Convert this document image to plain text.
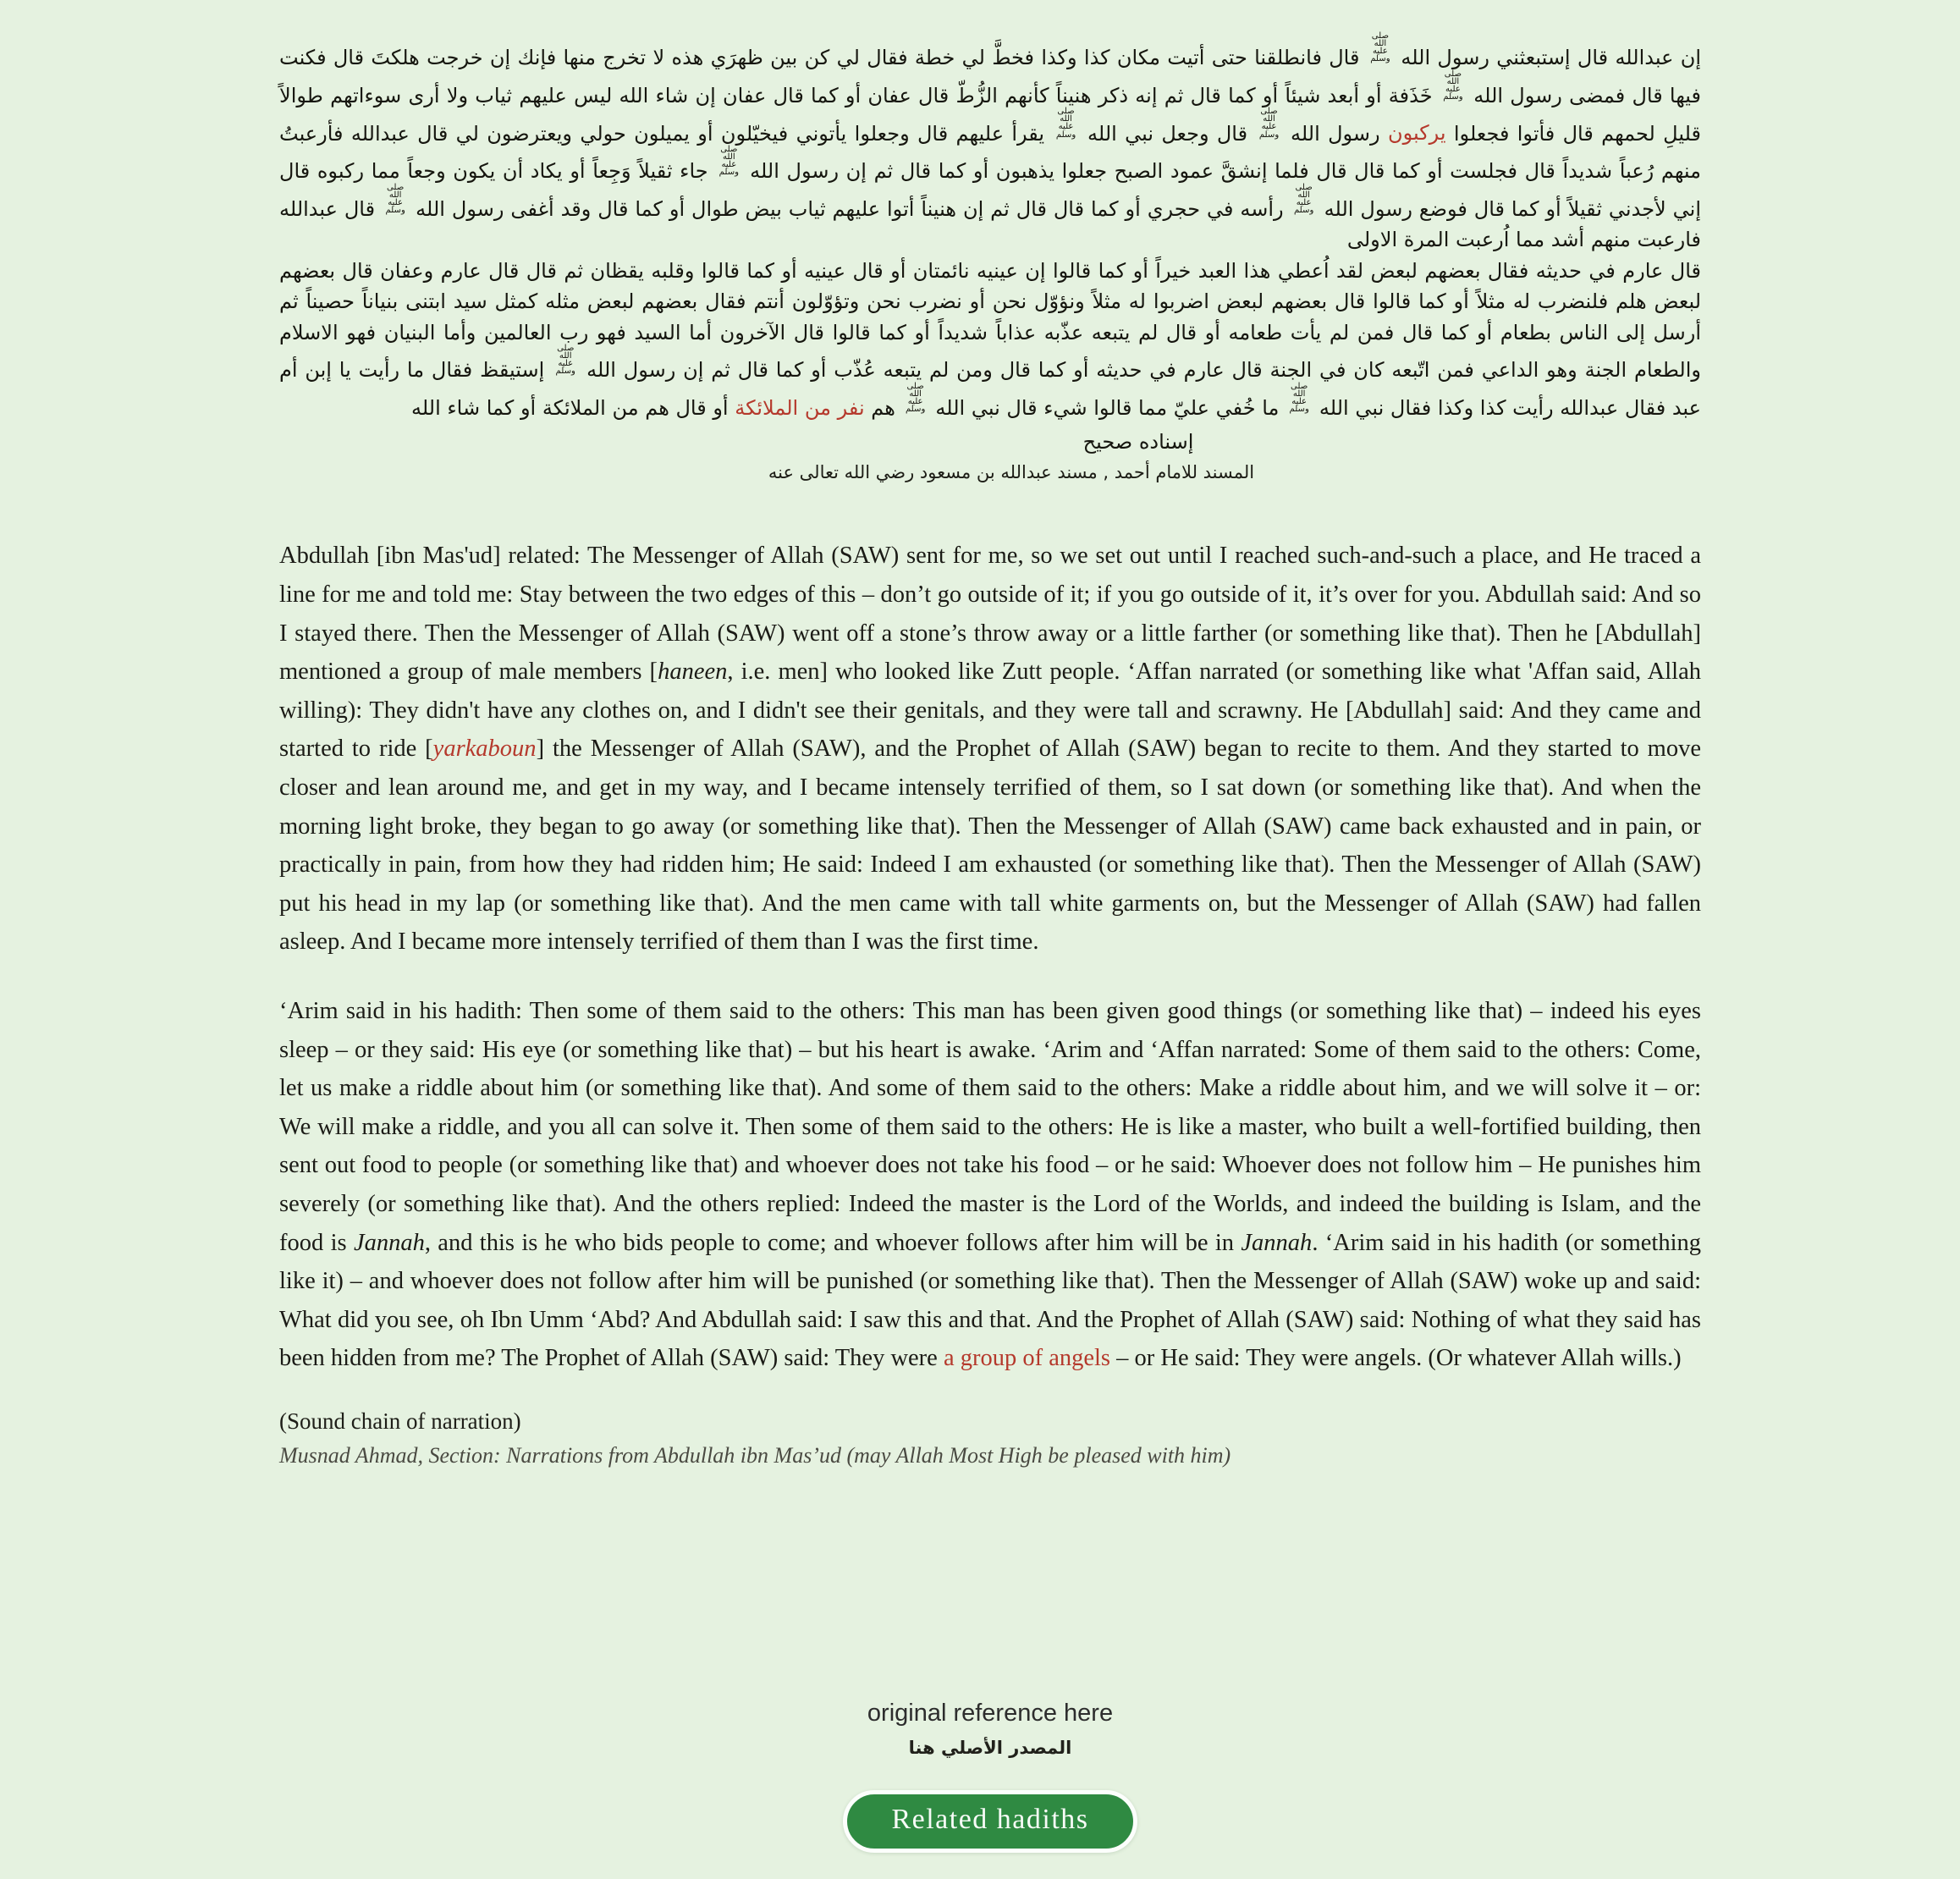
إن عبدالله قال إستبعثني رسول الله صلى الله عليه وسلم قال فانطلقنا حتى أتيت مكان كذا وكذا فخطَّ لي خطة فقال لي كن بين ظهرَي هذه لا تخرج منها فإنك إن خرجت هلكتَ قال فكنت فيها قال فمضى رسول الله صلى الله عليه وسلم خَذَفة أو أبعد شيئاً أو كما قال ثم إنه ذكر هنيناً كأنهم الزُّطّ قال عفان أو كما قال عفان إن شاء الله ليس عليهم ثياب ولا أرى سوءاتهم طوالاً قليلِ لحمهم قال فأتوا فجعلوا يركبون رسول الله صلى الله عليه وسلم قال وجعل نبي الله صلى الله عليه وسلم يقرأ عليهم قال وجعلوا يأتوني فيخيّلون أو يميلون حولي ويعترضون لي قال عبدالله فأرعبتُ منهم رُعباً شديداً قال فجلست أو كما قال قال فلما إنشقَّ عمود الصبح جعلوا يذهبون أو كما قال ثم إن رسول الله صلى الله عليه وسلم جاء ثقيلاً وَجِعاً أو يكاد أن يكون وجعاً مما ركبوه قال إني لأجدني ثقيلاً أو كما قال فوضع رسول الله صلى الله عليه وسلم رأسه في حجري أو كما قال قال ثم إن هنيناً أتوا عليهم ثياب بيض طوال أو كما قال وقد أغفى رسول الله صلى الله عليه وسلم قال عبدالله فارعبت منهم أشد مما اُرعبت المرة الاولى

قال عارم في حديثه فقال بعضهم لبعض لقد اُعطي هذا العبد خيراً أو كما قالوا إن عينيه نائمتان أو قال عينيه أو كما قالوا وقلبه يقظان ثم قال قال عارم وعفان قال بعضهم لبعض هلم فلنضرب له مثلاً أو كما قالوا قال بعضهم لبعض اضربوا له مثلاً ونؤوّل نحن أو نضرب نحن وتؤوّلون أنتم فقال بعضهم لبعض مثله كمثل سيد ابتنى بنياناً حصيناً ثم أرسل إلى الناس بطعام أو كما قال فمن لم يأت طعامه أو قال لم يتبعه عذّبه عذاباً شديداً أو كما قالوا قال الآخرون أما السيد فهو رب العالمين وأما البنيان فهو الاسلام والطعام الجنة وهو الداعي فمن اتّبعه كان في الجنة قال عارم في حديثه أو كما قال ومن لم يتبعه عُذّب أو كما قال ثم إن رسول الله صلى الله عليه وسلم إستيقظ فقال ما رأيت يا إبن أم عبد فقال عبدالله رأيت كذا وكذا فقال نبي الله صلى الله عليه وسلم ما خُفي عليّ مما قالوا شيء قال نبي الله صلى الله عليه وسلم هم نفر من الملائكة أو قال هم من الملائكة أو كما شاء الله

إسناده صحيح
المسند للامام أحمد , مسند عبدالله بن مسعود رضي الله تعالى عنه

Abdullah [ibn Mas'ud] related: The Messenger of Allah (SAW) sent for me, so we set out until I reached such-and-such a place, and He traced a line for me and told me: Stay between the two edges of this – don’t go outside of it; if you go outside of it, it’s over for you. Abdullah said: And so I stayed there. Then the Messenger of Allah (SAW) went off a stone’s throw away or a little farther (or something like that). Then he [Abdullah] mentioned a group of male members [haneen, i.e. men] who looked like Zutt people. ‘Affan narrated (or something like what 'Affan said, Allah willing): They didn't have any clothes on, and I didn't see their genitals, and they were tall and scrawny. He [Abdullah] said: And they came and started to ride [yarkaboun] the Messenger of Allah (SAW), and the Prophet of Allah (SAW) began to recite to them. And they started to move closer and lean around me, and get in my way, and I became intensely terrified of them, so I sat down (or something like that). And when the morning light broke, they began to go away (or something like that). Then the Messenger of Allah (SAW) came back exhausted and in pain, or practically in pain, from how they had ridden him; He said: Indeed I am exhausted (or something like that). Then the Messenger of Allah (SAW) put his head in my lap (or something like that). And the men came with tall white garments on, but the Messenger of Allah (SAW) had fallen asleep. And I became more intensely terrified of them than I was the first time.

‘Arim said in his hadith: Then some of them said to the others: This man has been given good things (or something like that) – indeed his eyes sleep – or they said: His eye (or something like that) – but his heart is awake. ‘Arim and ‘Affan narrated: Some of them said to the others: Come, let us make a riddle about him (or something like that). And some of them said to the others: Make a riddle about him, and we will solve it – or: We will make a riddle, and you all can solve it. Then some of them said to the others: He is like a master, who built a well-fortified building, then sent out food to people (or something like that) and whoever does not take his food – or he said: Whoever does not follow him – He punishes him severely (or something like that). And the others replied: Indeed the master is the Lord of the Worlds, and indeed the building is Islam, and the food is Jannah, and this is he who bids people to come; and whoever follows after him will be in Jannah. ‘Arim said in his hadith (or something like it) – and whoever does not follow after him will be punished (or something like that). Then the Messenger of Allah (SAW) woke up and said: What did you see, oh Ibn Umm ‘Abd? And Abdullah said: I saw this and that. And the Prophet of Allah (SAW) said: Nothing of what they said has been hidden from me? The Prophet of Allah (SAW) said: They were a group of angels – or He said: They were angels. (Or whatever Allah wills.)

(Sound chain of narration)

Musnad Ahmad, Section: Narrations from Abdullah ibn Mas’ud (may Allah Most High be pleased with him)

original reference here
المصدر الأصلي هنا
Related hadiths
